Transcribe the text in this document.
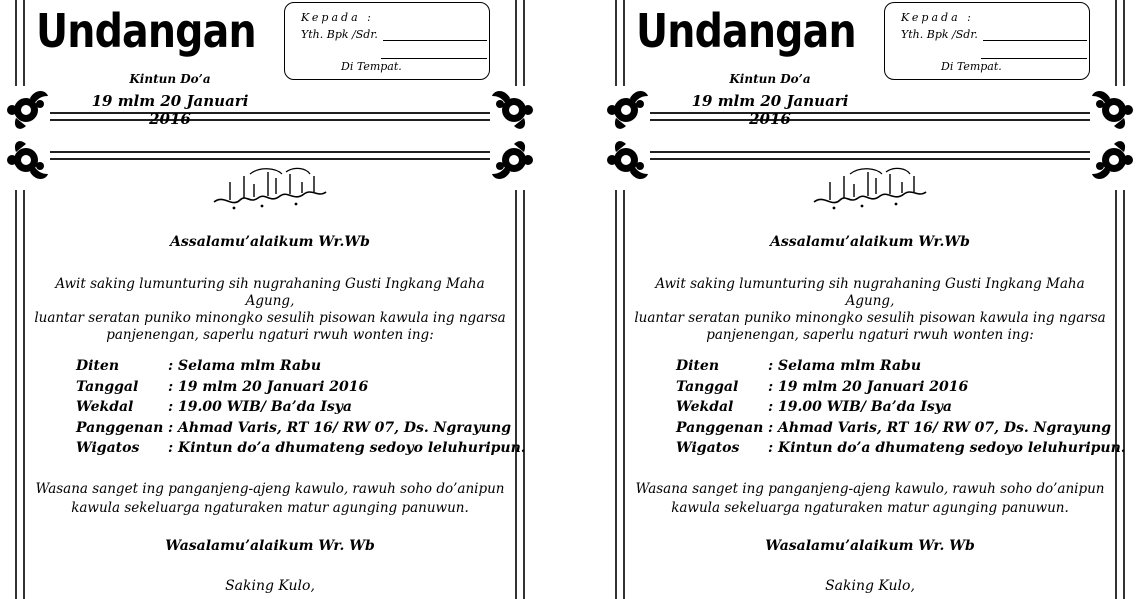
Undangan
Kintun Do’a
19 mlm 20 Januari 2016
Kepada :
Yth. Bpk /Sdr.
Di Tempat.
Assalamu’alaikum Wr.Wb
Awit saking lumunturing sih nugrahaning Gusti Ingkang Maha Agung,
luantar seratan puniko minongko sesulih pisowan kawula ing ngarsa
panjenengan, saperlu ngaturi rwuh wonten ing:
Diten	: Selama mlm Rabu
Tanggal : 19 mlm 20 Januari 2016
Wekdal : 19.00 WIB/ Ba’da Isya
Panggenan : Ahmad Varis, RT 16/ RW 07, Ds. Ngrayung
Wigatos : Kintun do’a dhumateng sedoyo leluhuripun.
Wasana sanget ing panganjeng-ajeng kawulo, rawuh soho do’anipun
kawula sekeluarga ngaturaken matur agunging panuwun.
Wasalamu’alaikum Wr. Wb
Saking Kulo,
Undangan
Kintun Do’a
19 mlm 20 Januari 2016
Kepada :
Yth. Bpk /Sdr.
Di Tempat.
Assalamu’alaikum Wr.Wb
Awit saking lumunturing sih nugrahaning Gusti Ingkang Maha Agung,
luantar seratan puniko minongko sesulih pisowan kawula ing ngarsa
panjenengan, saperlu ngaturi rwuh wonten ing:
Diten	: Selama mlm Rabu
Tanggal : 19 mlm 20 Januari 2016
Wekdal : 19.00 WIB/ Ba’da Isya
Panggenan : Ahmad Varis, RT 16/ RW 07, Ds. Ngrayung
Wigatos : Kintun do’a dhumateng sedoyo leluhuripun.
Wasana sanget ing panganjeng-ajeng kawulo, rawuh soho do’anipun
kawula sekeluarga ngaturaken matur agunging panuwun.
Wasalamu’alaikum Wr. Wb
Saking Kulo,
